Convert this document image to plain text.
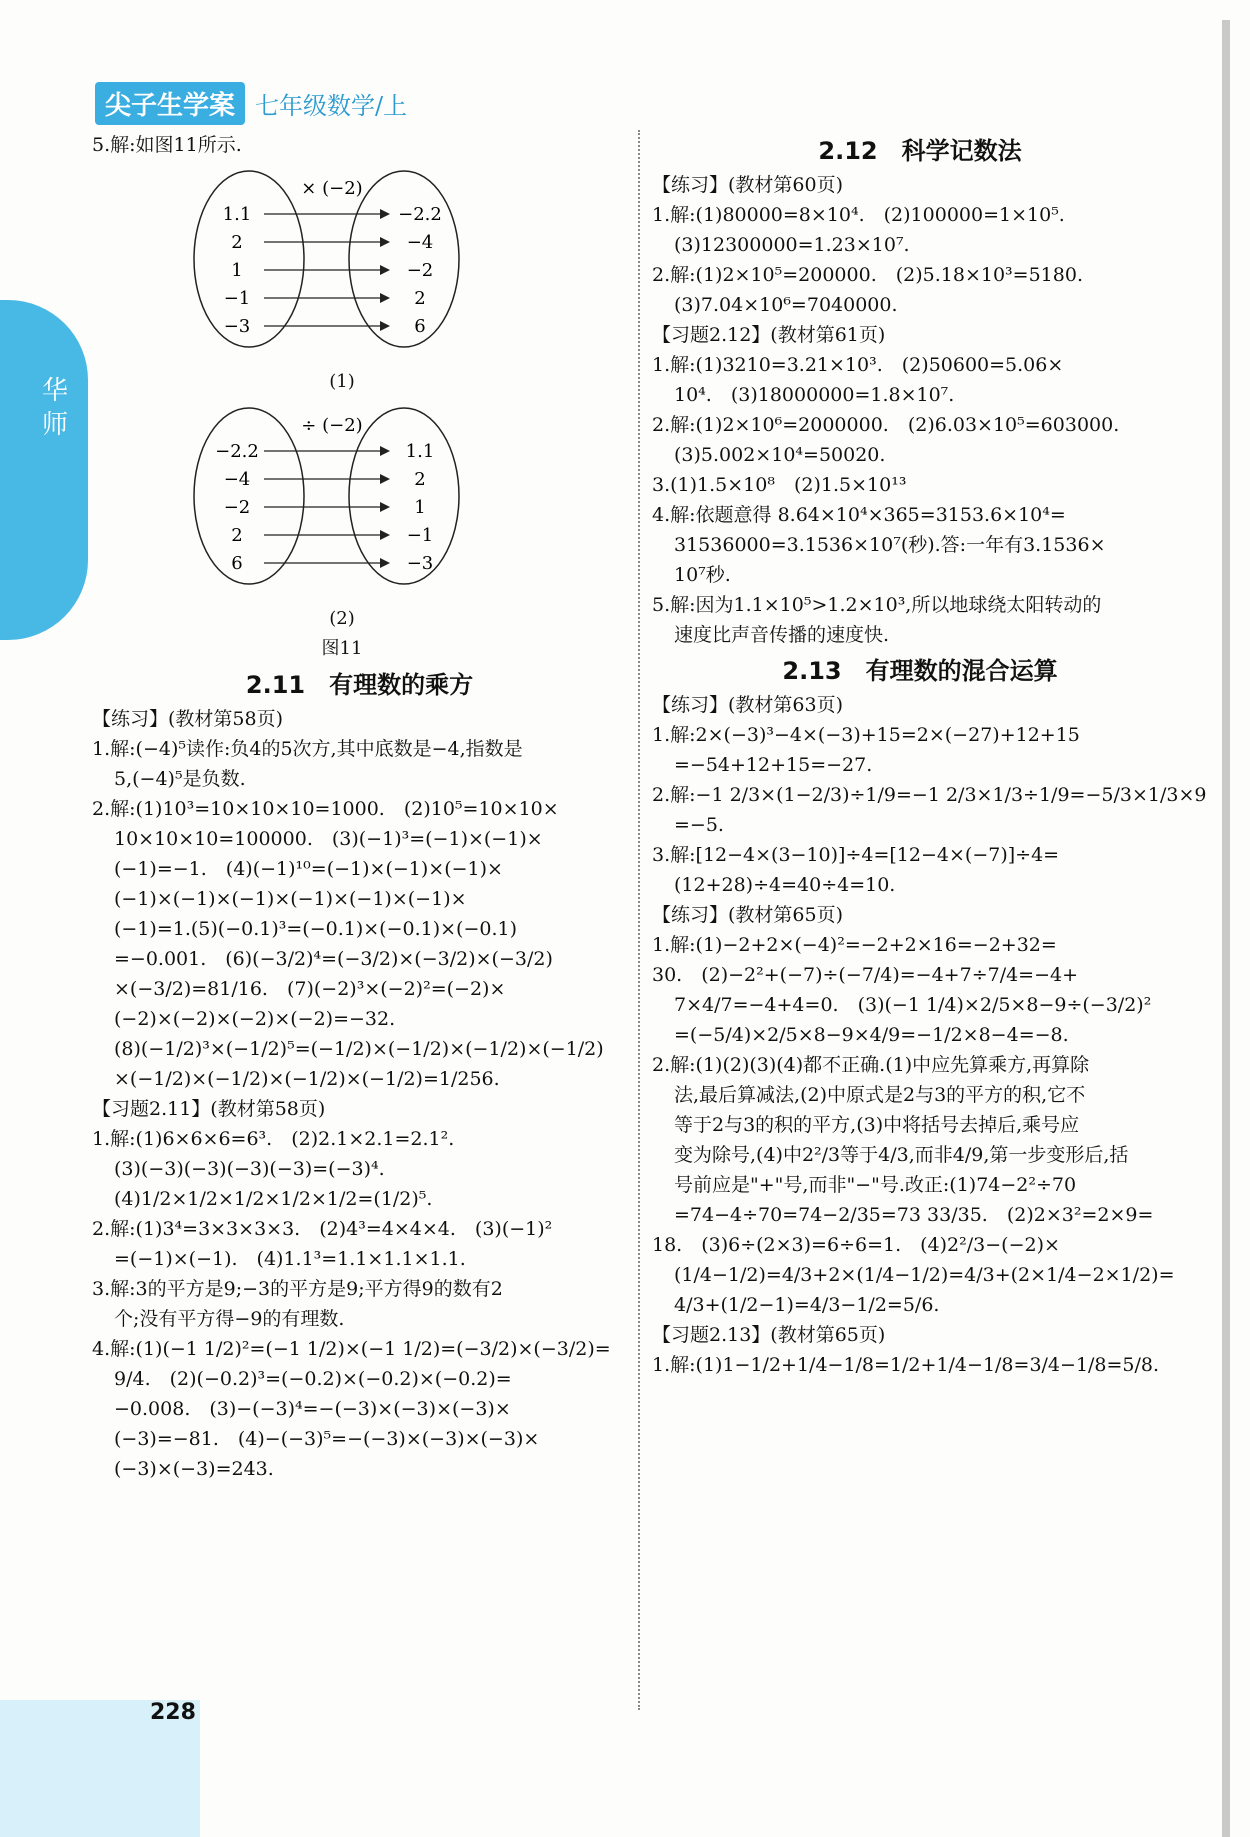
华
师
尖子生学案 七年级数学/上
5.解:如图11所示.
× (−2)
1.1	−2.2
2	−4
1	−2
−1	2
−3	6
(1)
÷ (−2)
−2.2	1.1
−4	2
−2	1
2	−1
6	−3
(2)
图11
2.11　有理数的乘方
【练习】(教材第58页)
1.解:(−4)⁵读作:负4的5次方,其中底数是−4,指数是
5,(−4)⁵是负数.
2.解:(1)10³=10×10×10=1000.　(2)10⁵=10×10×
10×10×10=100000.　(3)(−1)³=(−1)×(−1)×
(−1)=−1.　(4)(−1)¹⁰=(−1)×(−1)×(−1)×
(−1)×(−1)×(−1)×(−1)×(−1)×(−1)×
(−1)=1.(5)(−0.1)³=(−0.1)×(−0.1)×(−0.1)
=−0.001.　(6)(−3/2)⁴=(−3/2)×(−3/2)×(−3/2)
×(−3/2)=81/16.　(7)(−2)³×(−2)²=(−2)×
(−2)×(−2)×(−2)×(−2)=−32.
(8)(−1/2)³×(−1/2)⁵=(−1/2)×(−1/2)×(−1/2)×(−1/2)
×(−1/2)×(−1/2)×(−1/2)×(−1/2)=1/256.
【习题2.11】(教材第58页)
1.解:(1)6×6×6=6³.　(2)2.1×2.1=2.1².
(3)(−3)(−3)(−3)(−3)=(−3)⁴.
(4)1/2×1/2×1/2×1/2×1/2=(1/2)⁵.
2.解:(1)3⁴=3×3×3×3.　(2)4³=4×4×4.　(3)(−1)²
=(−1)×(−1).　(4)1.1³=1.1×1.1×1.1.
3.解:3的平方是9;−3的平方是9;平方得9的数有2
个;没有平方得−9的有理数.
4.解:(1)(−1 1/2)²=(−1 1/2)×(−1 1/2)=(−3/2)×(−3/2)=
9/4.　(2)(−0.2)³=(−0.2)×(−0.2)×(−0.2)=
−0.008.　(3)−(−3)⁴=−(−3)×(−3)×(−3)×
(−3)=−81.　(4)−(−3)⁵=−(−3)×(−3)×(−3)×
(−3)×(−3)=243.
2.12　科学记数法
【练习】(教材第60页)
1.解:(1)80000=8×10⁴.　(2)100000=1×10⁵.
(3)12300000=1.23×10⁷.
2.解:(1)2×10⁵=200000.　(2)5.18×10³=5180.
(3)7.04×10⁶=7040000.
【习题2.12】(教材第61页)
1.解:(1)3210=3.21×10³.　(2)50600=5.06×
10⁴.　(3)18000000=1.8×10⁷.
2.解:(1)2×10⁶=2000000.　(2)6.03×10⁵=603000.
(3)5.002×10⁴=50020.
3.(1)1.5×10⁸　(2)1.5×10¹³
4.解:依题意得 8.64×10⁴×365=3153.6×10⁴=
31536000=3.1536×10⁷(秒).答:一年有3.1536×
10⁷秒.
5.解:因为1.1×10⁵>1.2×10³,所以地球绕太阳转动的
速度比声音传播的速度快.
2.13　有理数的混合运算
【练习】(教材第63页)
1.解:2×(−3)³−4×(−3)+15=2×(−27)+12+15
=−54+12+15=−27.
2.解:−1 2/3×(1−2/3)÷1/9=−1 2/3×1/3÷1/9=−5/3×1/3×9
=−5.
3.解:[12−4×(3−10)]÷4=[12−4×(−7)]÷4=
(12+28)÷4=40÷4=10.
【练习】(教材第65页)
1.解:(1)−2+2×(−4)²=−2+2×16=−2+32=
30.　(2)−2²+(−7)÷(−7/4)=−4+7÷7/4=−4+
7×4/7=−4+4=0.　(3)(−1 1/4)×2/5×8−9÷(−3/2)²
=(−5/4)×2/5×8−9×4/9=−1/2×8−4=−8.
2.解:(1)(2)(3)(4)都不正确.(1)中应先算乘方,再算除
法,最后算减法,(2)中原式是2与3的平方的积,它不
等于2与3的积的平方,(3)中将括号去掉后,乘号应
变为除号,(4)中2²/3等于4/3,而非4/9,第一步变形后,括
号前应是"+"号,而非"−"号.改正:(1)74−2²÷70
=74−4÷70=74−2/35=73 33/35.　(2)2×3²=2×9=
18.　(3)6÷(2×3)=6÷6=1.　(4)2²/3−(−2)×
(1/4−1/2)=4/3+2×(1/4−1/2)=4/3+(2×1/4−2×1/2)=
4/3+(1/2−1)=4/3−1/2=5/6.
【习题2.13】(教材第65页)
1.解:(1)1−1/2+1/4−1/8=1/2+1/4−1/8=3/4−1/8=5/8.
228
